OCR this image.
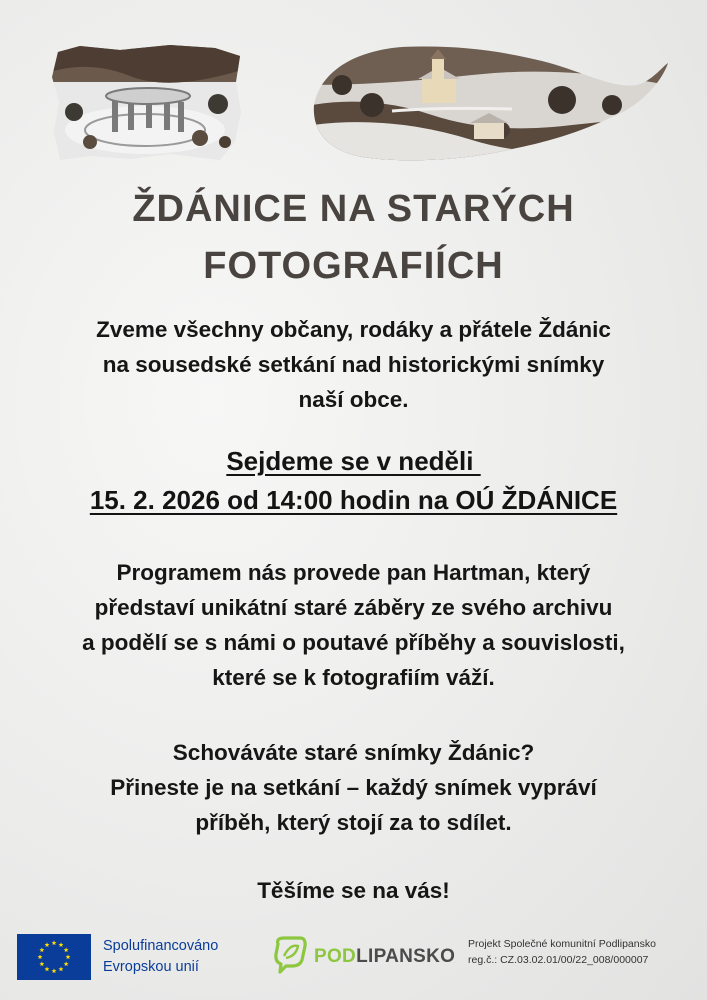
ŽDÁNICE NA STARÝCH
FOTOGRAFIÍCH
Zveme všechny občany, rodáky a přátele Ždánic
na sousedské setkání nad historickými snímky
naší obce.
Sejdeme se v neděli
15. 2. 2026 od 14:00 hodin na OÚ ŽDÁNICE
Programem nás provede pan Hartman, který
představí unikátní staré záběry ze svého archivu
a podělí se s námi o poutavé příběhy a souvislosti,
které se k fotografiím váží.
Schováváte staré snímky Ždánic?
Přineste je na setkání – každý snímek vypráví
příběh, který stojí za to sdílet.
Těšíme se na vás!
Spolufinancováno
Evropskou unií	PODLIPANSKO
Projekt Společné komunitní Podlipansko
reg.č.: CZ.03.02.01/00/22_008/000007
